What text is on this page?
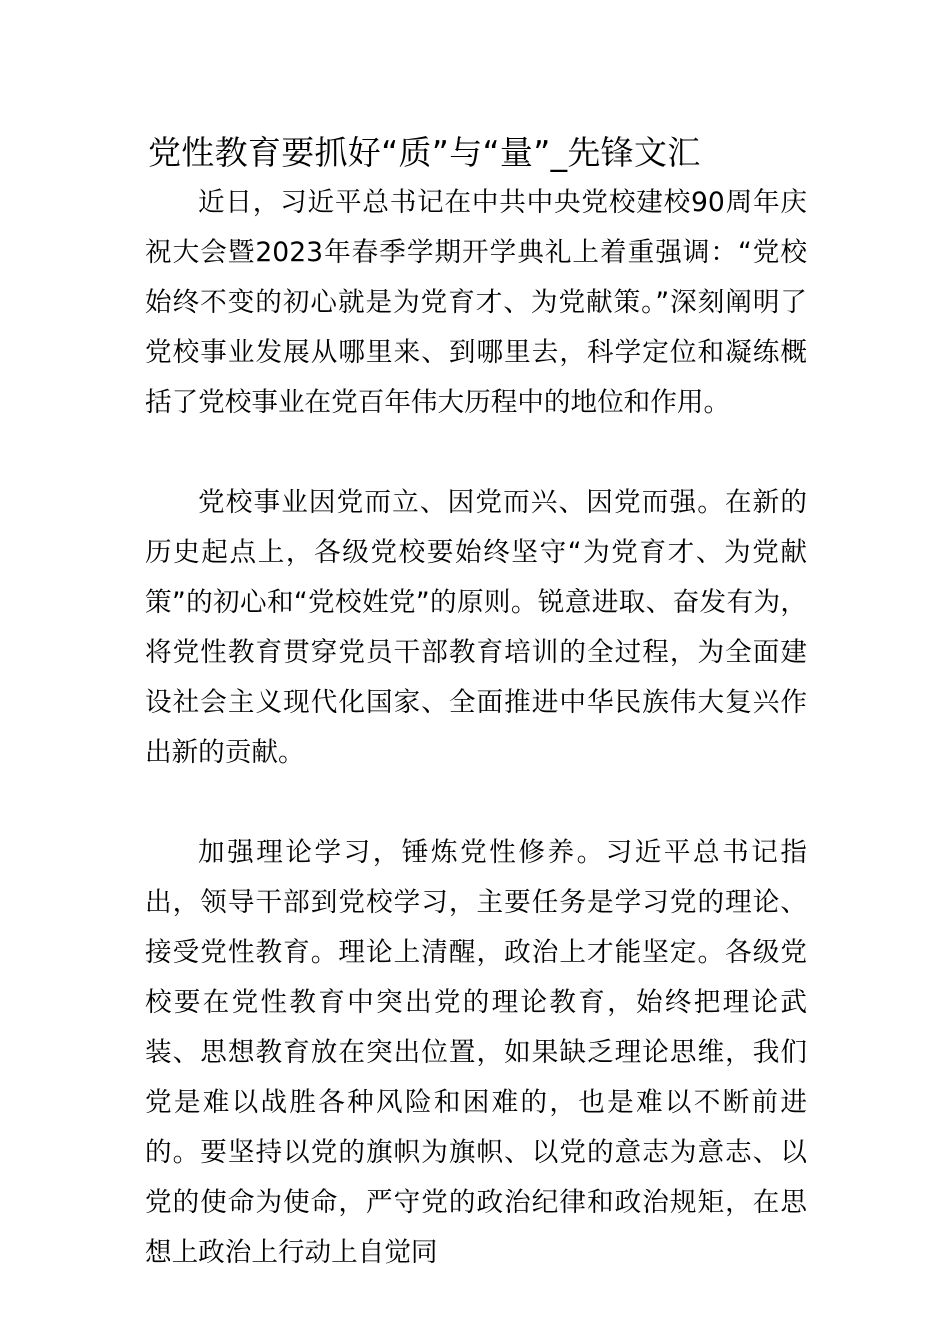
党性教育要抓好“质”与“量”_先锋文汇

近日，习近平总书记在中共中央党校建校90周年庆祝大会暨2023年春季学期开学典礼上着重强调：“党校始终不变的初心就是为党育才、为党献策。”深刻阐明了党校事业发展从哪里来、到哪里去，科学定位和凝练概括了党校事业在党百年伟大历程中的地位和作用。

党校事业因党而立、因党而兴、因党而强。在新的历史起点上，各级党校要始终坚守“为党育才、为党献策”的初心和“党校姓党”的原则。锐意进取、奋发有为，将党性教育贯穿党员干部教育培训的全过程，为全面建设社会主义现代化国家、全面推进中华民族伟大复兴作出新的贡献。

加强理论学习，锤炼党性修养。习近平总书记指出，领导干部到党校学习，主要任务是学习党的理论、接受党性教育。理论上清醒，政治上才能坚定。各级党校要在党性教育中突出党的理论教育，始终把理论武装、思想教育放在突出位置，如果缺乏理论思维，我们党是难以战胜各种风险和困难的，也是难以不断前进的。要坚持以党的旗帜为旗帜、以党的意志为意志、以党的使命为使命，严守党的政治纪律和政治规矩，在思想上政治上行动上自觉同
